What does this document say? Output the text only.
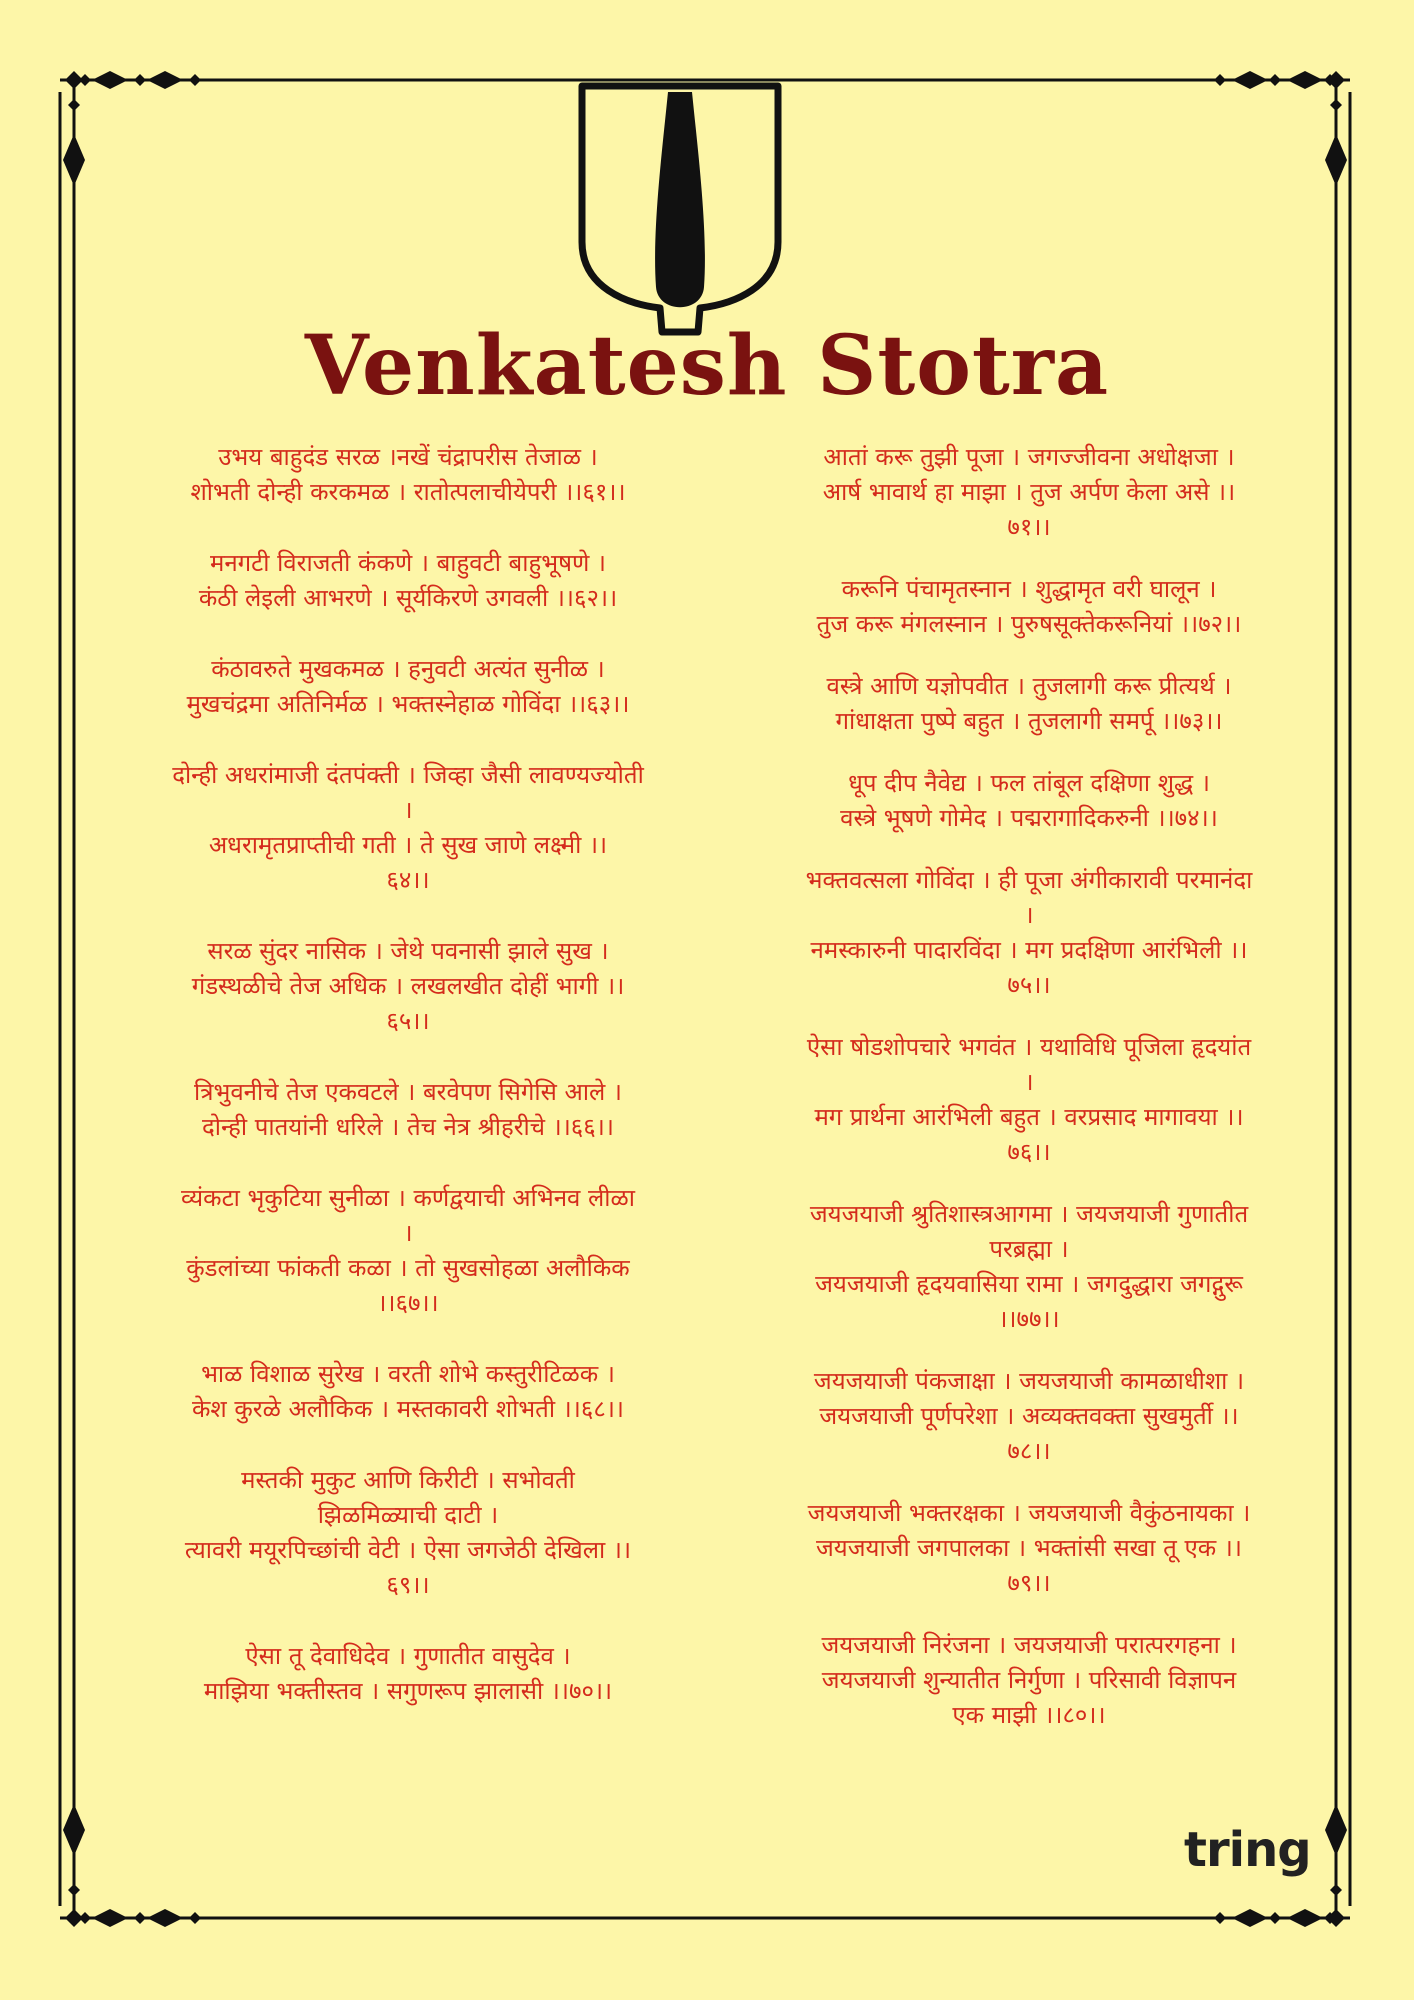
Venkatesh Stotra
उभय बाहुदंड सरळ ।नखें चंद्रापरीस तेजाळ ।
शोभती दोन्ही करकमळ । रातोत्पलाचीयेपरी ।।६१।।
मनगटी विराजती कंकणे । बाहुवटी बाहुभूषणे ।
कंठी लेइली आभरणे । सूर्यकिरणे उगवली ।।६२।।
कंठावरुते मुखकमळ । हनुवटी अत्यंत सुनीळ ।
मुखचंद्रमा अतिनिर्मळ । भक्तस्नेहाळ गोविंदा ।।६३।।
दोन्ही अधरांमाजी दंतपंक्ती । जिव्हा जैसी लावण्यज्योती
।
अधरामृतप्राप्तीची गती । ते सुख जाणे लक्ष्मी ।।
६४।।
सरळ सुंदर नासिक । जेथे पवनासी झाले सुख ।
गंडस्थळीचे तेज अधिक । लखलखीत दोहीं भागी ।।
६५।।
त्रिभुवनीचे तेज एकवटले । बरवेपण सिगेसि आले ।
दोन्ही पातयांनी धरिले । तेच नेत्र श्रीहरीचे ।।६६।।
व्यंकटा भृकुटिया सुनीळा । कर्णद्वयाची अभिनव लीळा
।
कुंडलांच्या फांकती कळा । तो सुखसोहळा अलौकिक
।।६७।।
भाळ विशाळ सुरेख । वरती शोभे कस्तुरीटिळक ।
केश कुरळे अलौकिक । मस्तकावरी शोभती ।।६८।।
मस्तकी मुकुट आणि किरीटी । सभोवती
झिळमिळ्याची दाटी ।
त्यावरी मयूरपिच्छांची वेटी । ऐसा जगजेठी देखिला ।।
६९।।
ऐसा तू देवाधिदेव । गुणातीत वासुदेव ।
माझिया भक्तीस्तव । सगुणरूप झालासी ।।७०।।
आतां करू तुझी पूजा । जगज्जीवना अधोक्षजा ।
आर्ष भावार्थ हा माझा । तुज अर्पण केला असे ।।
७१।।
करूनि पंचामृतस्नान । शुद्धामृत वरी घालून ।
तुज करू मंगलस्नान । पुरुषसूक्तेकरूनियां ।।७२।।
वस्त्रे आणि यज्ञोपवीत । तुजलागी करू प्रीत्यर्थ ।
गांधाक्षता पुष्पे बहुत । तुजलागी समर्पू ।।७३।।
धूप दीप नैवेद्य । फल तांबूल दक्षिणा शुद्ध ।
वस्त्रे भूषणे गोमेद । पद्मरागादिकरुनी ।।७४।।
भक्तवत्सला गोविंदा । ही पूजा अंगीकारावी परमानंदा
।
नमस्कारुनी पादारविंदा । मग प्रदक्षिणा आरंभिली ।।
७५।।
ऐसा षोडशोपचारे भगवंत । यथाविधि पूजिला हृदयांत
।
मग प्रार्थना आरंभिली बहुत । वरप्रसाद मागावया ।।
७६।।
जयजयाजी श्रुतिशास्त्रआगमा । जयजयाजी गुणातीत
परब्रह्मा ।
जयजयाजी हृदयवासिया रामा । जगदुद्धारा जगद्गुरू
।।७७।।
जयजयाजी पंकजाक्षा । जयजयाजी कामळाधीशा ।
जयजयाजी पूर्णपरेशा । अव्यक्तवक्ता सुखमुर्ती ।।
७८।।
जयजयाजी भक्तरक्षका । जयजयाजी वैकुंठनायका ।
जयजयाजी जगपालका । भक्तांसी सखा तू एक ।।
७९।।
जयजयाजी निरंजना । जयजयाजी परात्परगहना ।
जयजयाजी शुन्यातीत निर्गुणा । परिसावी विज्ञापन
एक माझी ।।८०।।
tring
